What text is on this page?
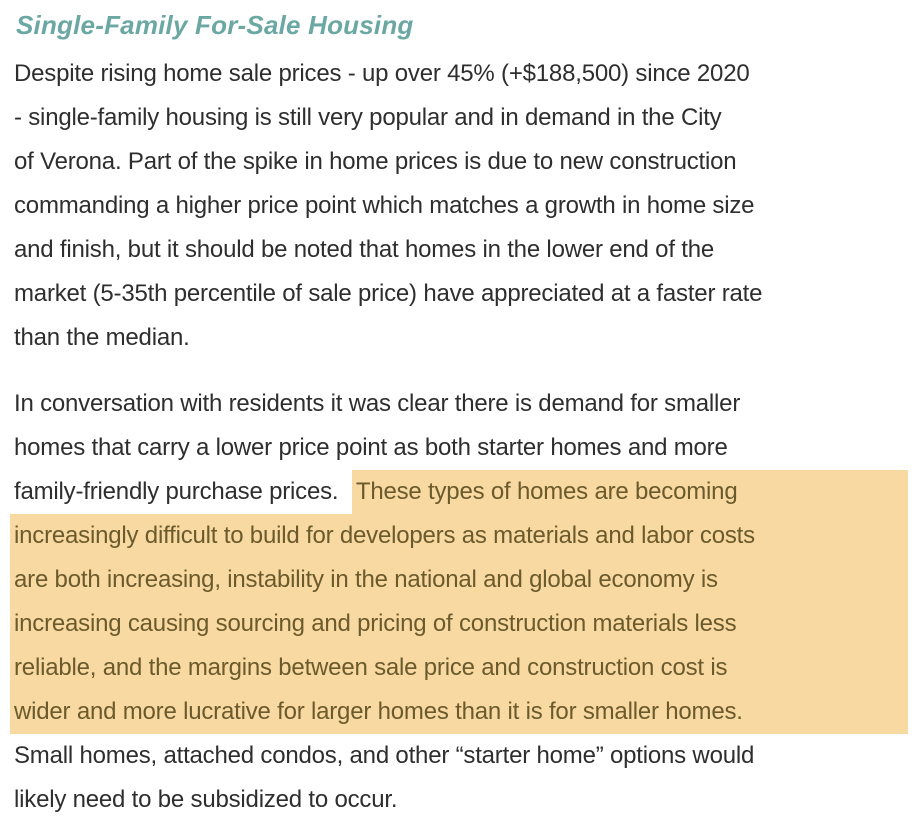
Single-Family For-Sale Housing
Despite rising home sale prices - up over 45% (+$188,500) since 2020
- single-family housing is still very popular and in demand in the City
of Verona. Part of the spike in home prices is due to new construction
commanding a higher price point which matches a growth in home size
and finish, but it should be noted that homes in the lower end of the
market (5-35th percentile of sale price) have appreciated at a faster rate
than the median.
In conversation with residents it was clear there is demand for smaller
homes that carry a lower price point as both starter homes and more
family-friendly purchase prices. These types of homes are becoming
increasingly difficult to build for developers as materials and labor costs
are both increasing, instability in the national and global economy is
increasing causing sourcing and pricing of construction materials less
reliable, and the margins between sale price and construction cost is
wider and more lucrative for larger homes than it is for smaller homes.
Small homes, attached condos, and other “starter home” options would
likely need to be subsidized to occur.
